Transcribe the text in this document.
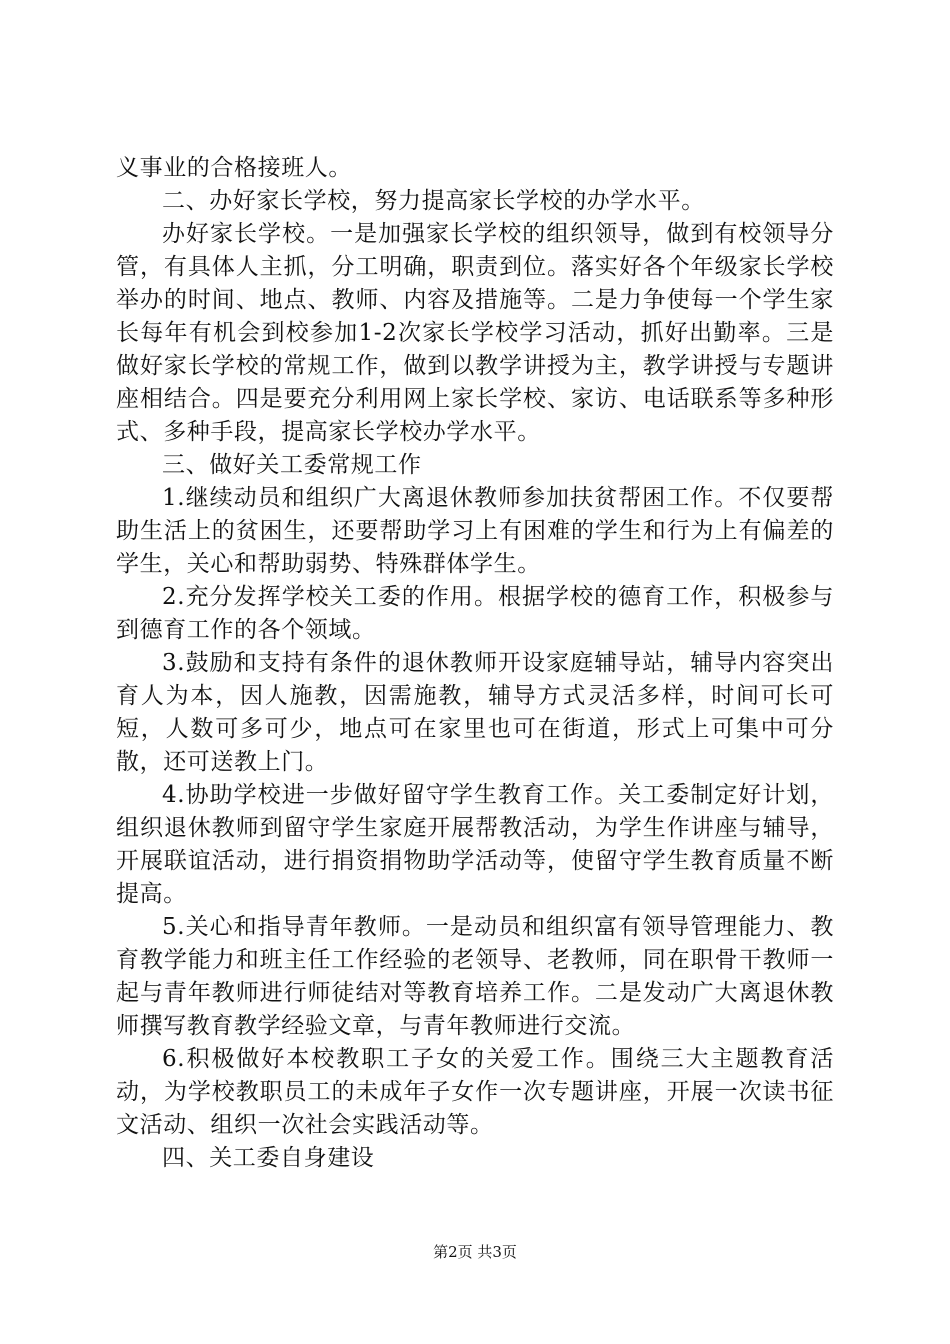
义事业的合格接班人。

二、办好家长学校，努力提高家长学校的办学水平。

办好家长学校。一是加强家长学校的组织领导，做到有校领导分管，有具体人主抓，分工明确，职责到位。落实好各个年级家长学校举办的时间、地点、教师、内容及措施等。二是力争使每一个学生家长每年有机会到校参加1-2次家长学校学习活动，抓好出勤率。三是做好家长学校的常规工作，做到以教学讲授为主，教学讲授与专题讲座相结合。四是要充分利用网上家长学校、家访、电话联系等多种形式、多种手段，提高家长学校办学水平。

三、做好关工委常规工作

1.继续动员和组织广大离退休教师参加扶贫帮困工作。不仅要帮助生活上的贫困生，还要帮助学习上有困难的学生和行为上有偏差的学生，关心和帮助弱势、特殊群体学生。

2.充分发挥学校关工委的作用。根据学校的德育工作，积极参与到德育工作的各个领域。

3.鼓励和支持有条件的退休教师开设家庭辅导站，辅导内容突出育人为本，因人施教，因需施教，辅导方式灵活多样，时间可长可短，人数可多可少，地点可在家里也可在街道，形式上可集中可分散，还可送教上门。

4.协助学校进一步做好留守学生教育工作。关工委制定好计划，组织退休教师到留守学生家庭开展帮教活动，为学生作讲座与辅导，开展联谊活动，进行捐资捐物助学活动等，使留守学生教育质量不断提高。

5.关心和指导青年教师。一是动员和组织富有领导管理能力、教育教学能力和班主任工作经验的老领导、老教师，同在职骨干教师一起与青年教师进行师徒结对等教育培养工作。二是发动广大离退休教师撰写教育教学经验文章，与青年教师进行交流。

6.积极做好本校教职工子女的关爱工作。围绕三大主题教育活动，为学校教职员工的未成年子女作一次专题讲座，开展一次读书征文活动、组织一次社会实践活动等。

四、关工委自身建设

第2页 共3页
